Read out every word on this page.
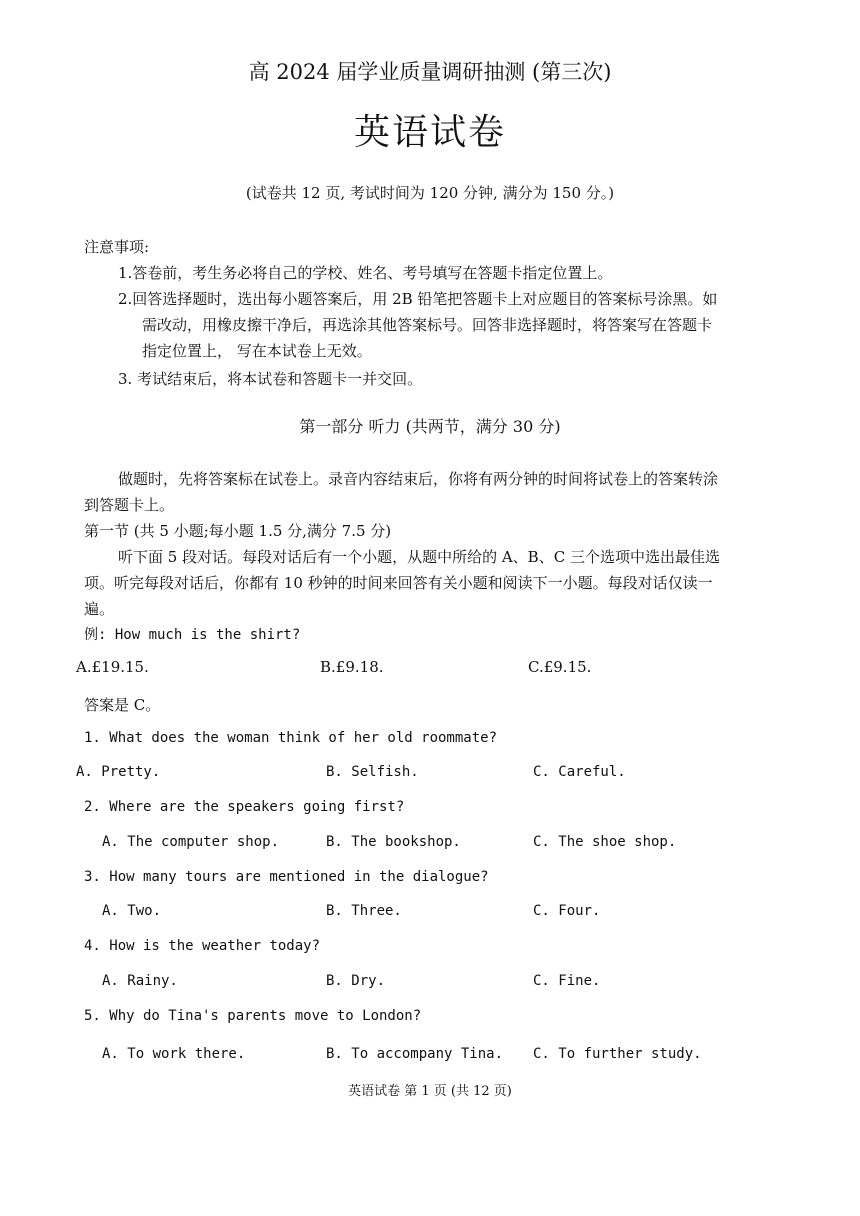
高 2024 届学业质量调研抽测 (第三次)
英语试卷
(试卷共 12 页, 考试时间为 120 分钟, 满分为 150 分。)
注意事项:
1.答卷前，考生务必将自己的学校、姓名、考号填写在答题卡指定位置上。
2.回答选择题时，选出每小题答案后，用 2B 铅笔把答题卡上对应题目的答案标号涂黑。如
需改动，用橡皮擦干净后，再选涂其他答案标号。回答非选择题时，将答案写在答题卡
指定位置上， 写在本试卷上无效。
3. 考试结束后，将本试卷和答题卡一并交回。
第一部分 听力 (共两节，满分 30 分)
做题时，先将答案标在试卷上。录音内容结束后，你将有两分钟的时间将试卷上的答案转涂
到答题卡上。
第一节 (共 5 小题;每小题 1.5 分,满分 7.5 分)
听下面 5 段对话。每段对话后有一个小题，从题中所给的 A、B、C 三个选项中选出最佳选
项。听完每段对话后，你都有 10 秒钟的时间来回答有关小题和阅读下一小题。每段对话仅读一
遍。
例: How much is the shirt?
A.£19.15.	B.£9.18.	C.£9.15.
答案是 C。
1. What does the woman think of her old roommate?
A. Pretty.	B. Selfish.	C. Careful.
2. Where are the speakers going first?
A. The computer shop.	B. The bookshop.	C. The shoe shop.
3. How many tours are mentioned in the dialogue?
A. Two.	B. Three.	C. Four.
4. How is the weather today?
A. Rainy.	B. Dry.	C. Fine.
5. Why do Tina's parents move to London?
A. To work there.	B. To accompany Tina. C. To further study.
英语试卷 第 1 页 (共 12 页)
